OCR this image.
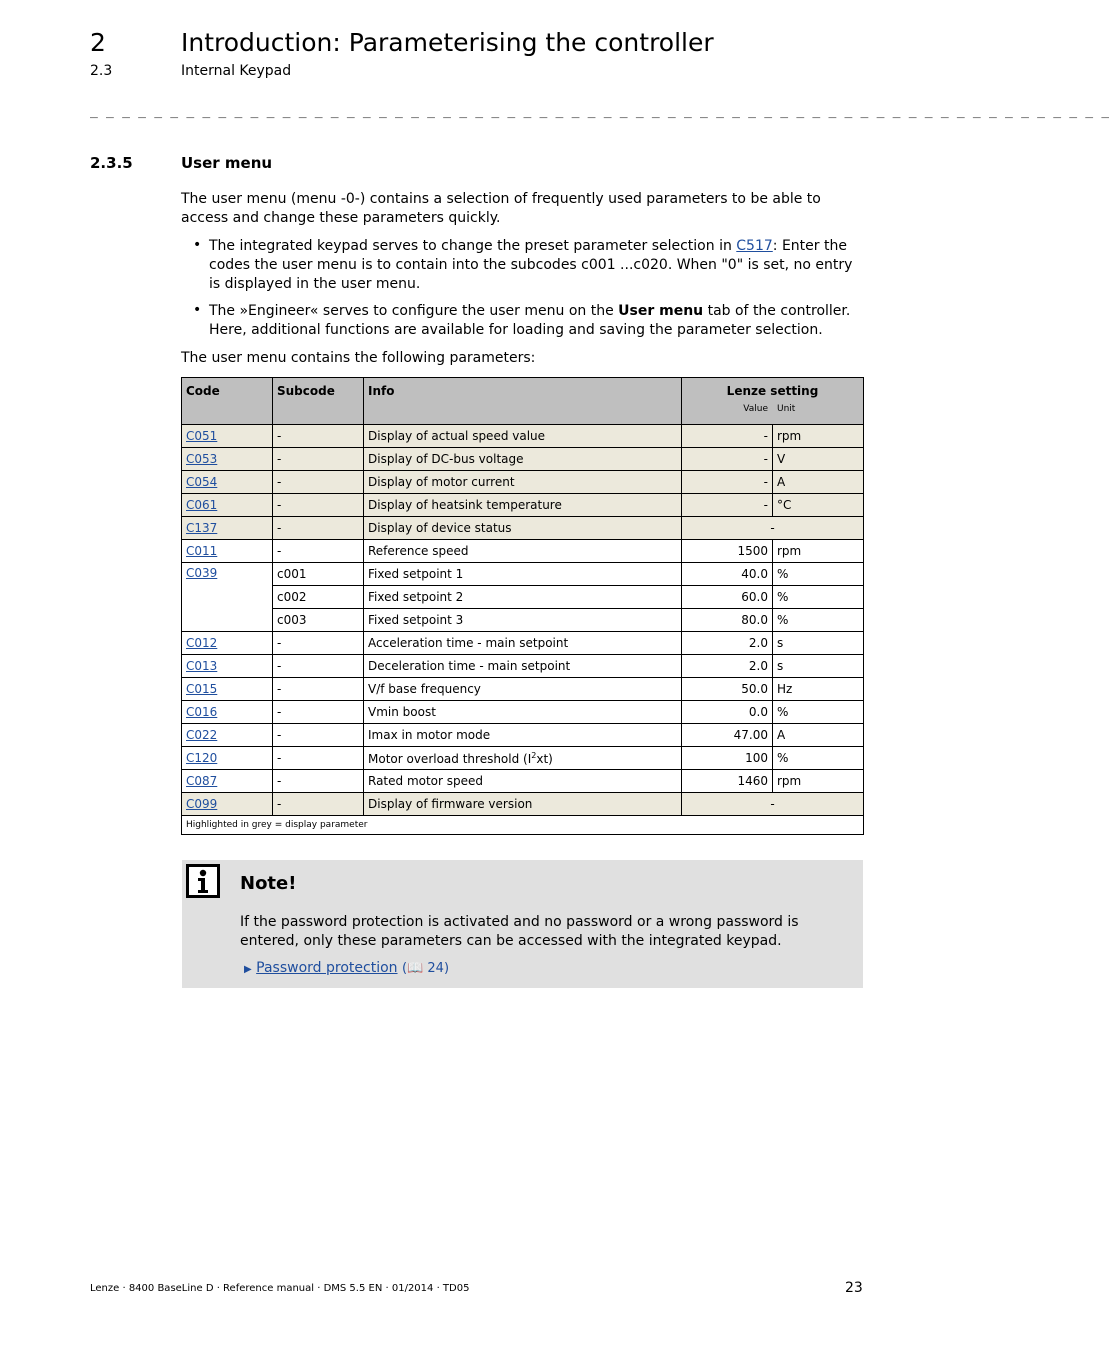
2	Introduction: Parameterising the controller
2.3	Internal Keypad
_ _ _ _ _ _ _ _ _ _ _ _ _ _ _ _ _ _ _ _ _ _ _ _ _ _ _ _ _ _ _ _ _ _ _ _ _ _ _ _ _ _ _ _ _ _ _ _ _ _ _ _ _ _ _ _ _ _ _ _ _ _ _ _
2.3.5	User menu
The user menu (menu -0-) contains a selection of frequently used parameters to be able to access and change these parameters quickly.
• The integrated keypad serves to change the preset parameter selection in C517: Enter the codes the user menu is to contain into the subcodes c001 ...c020. When "0" is set, no entry is displayed in the user menu.
• The »Engineer« serves to configure the user menu on the User menu tab of the controller. Here, additional functions are available for loading and saving the parameter selection.
The user menu contains the following parameters:
Code	Subcode	Info	Lenze setting
Value Unit	

C051	-	Display of actual speed value	-	rpm
C053	-	Display of DC-bus voltage	-	V
C054	-	Display of motor current	-	A
C061	-	Display of heatsink temperature	-	°C
C137	-	Display of device status	-	
C011	-	Reference speed	1500	rpm
C039	c001	Fixed setpoint 1	40.0	%
	c002	Fixed setpoint 2	60.0	%
	c003	Fixed setpoint 3	80.0	%
C012	-	Acceleration time - main setpoint	2.0	s
C013	-	Deceleration time - main setpoint	2.0	s
C015	-	V/f base frequency	50.0	Hz
C016	-	Vmin boost	0.0	%
C022	-	Imax in motor mode	47.00	A
C120	-	Motor overload threshold $(I^2xt)$	100	%
C087	-	Rated motor speed	1460	rpm
C099	-	Display of firmware version	-	
Highlighted in grey = display parameter				
Note!
If the password protection is activated and no password or a wrong password is entered, only these parameters can be accessed with the integrated keypad.
▶ Password protection (📖 24)
Lenze · 8400 BaseLine D · Reference manual · DMS 5.5 EN · 01/2014 · TD05	23
